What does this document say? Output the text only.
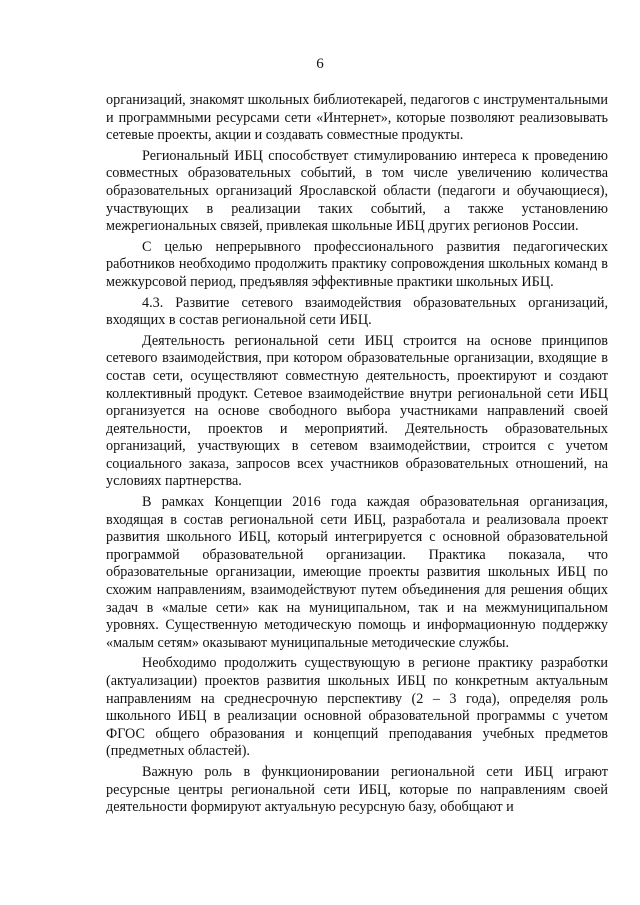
6

организаций, знакомят школьных библиотекарей, педагогов с инструментальными и программными ресурсами сети «Интернет», которые позволяют реализовывать сетевые проекты, акции и создавать совместные продукты.

Региональный ИБЦ способствует стимулированию интереса к проведению совместных образовательных событий, в том числе увеличению количества образовательных организаций Ярославской области (педагоги и обучающиеся), участвующих в реализации таких событий, а также установлению межрегиональных связей, привлекая школьные ИБЦ других регионов России.

С целью непрерывного профессионального развития педагогических работников необходимо продолжить практику сопровождения школьных команд в межкурсовой период, предъявляя эффективные практики школьных ИБЦ.

4.3. Развитие сетевого взаимодействия образовательных организаций, входящих в состав региональной сети ИБЦ.

Деятельность региональной сети ИБЦ строится на основе принципов сетевого взаимодействия, при котором образовательные организации, входящие в состав сети, осуществляют совместную деятельность, проектируют и создают коллективный продукт. Сетевое взаимодействие внутри региональной сети ИБЦ организуется на основе свободного выбора участниками направлений своей деятельности, проектов и мероприятий. Деятельность образовательных организаций, участвующих в сетевом взаимодействии, строится с учетом социального заказа, запросов всех участников образовательных отношений, на условиях партнерства.

В рамках Концепции 2016 года каждая образовательная организация, входящая в состав региональной сети ИБЦ, разработала и реализовала проект развития школьного ИБЦ, который интегрируется с основной образовательной программой образовательной организации. Практика показала, что образовательные организации, имеющие проекты развития школьных ИБЦ по схожим направлениям, взаимодействуют путем объединения для решения общих задач в «малые сети» как на муниципальном, так и на межмуниципальном уровнях. Существенную методическую помощь и информационную поддержку «малым сетям» оказывают муниципальные методические службы.

Необходимо продолжить существующую в регионе практику разработки (актуализации) проектов развития школьных ИБЦ по конкретным актуальным направлениям на среднесрочную перспективу (2 – 3 года), определяя роль школьного ИБЦ в реализации основной образовательной программы с учетом ФГОС общего образования и концепций преподавания учебных предметов (предметных областей).

Важную роль в функционировании региональной сети ИБЦ играют ресурсные центры региональной сети ИБЦ, которые по направлениям своей деятельности формируют актуальную ресурсную базу, обобщают и
